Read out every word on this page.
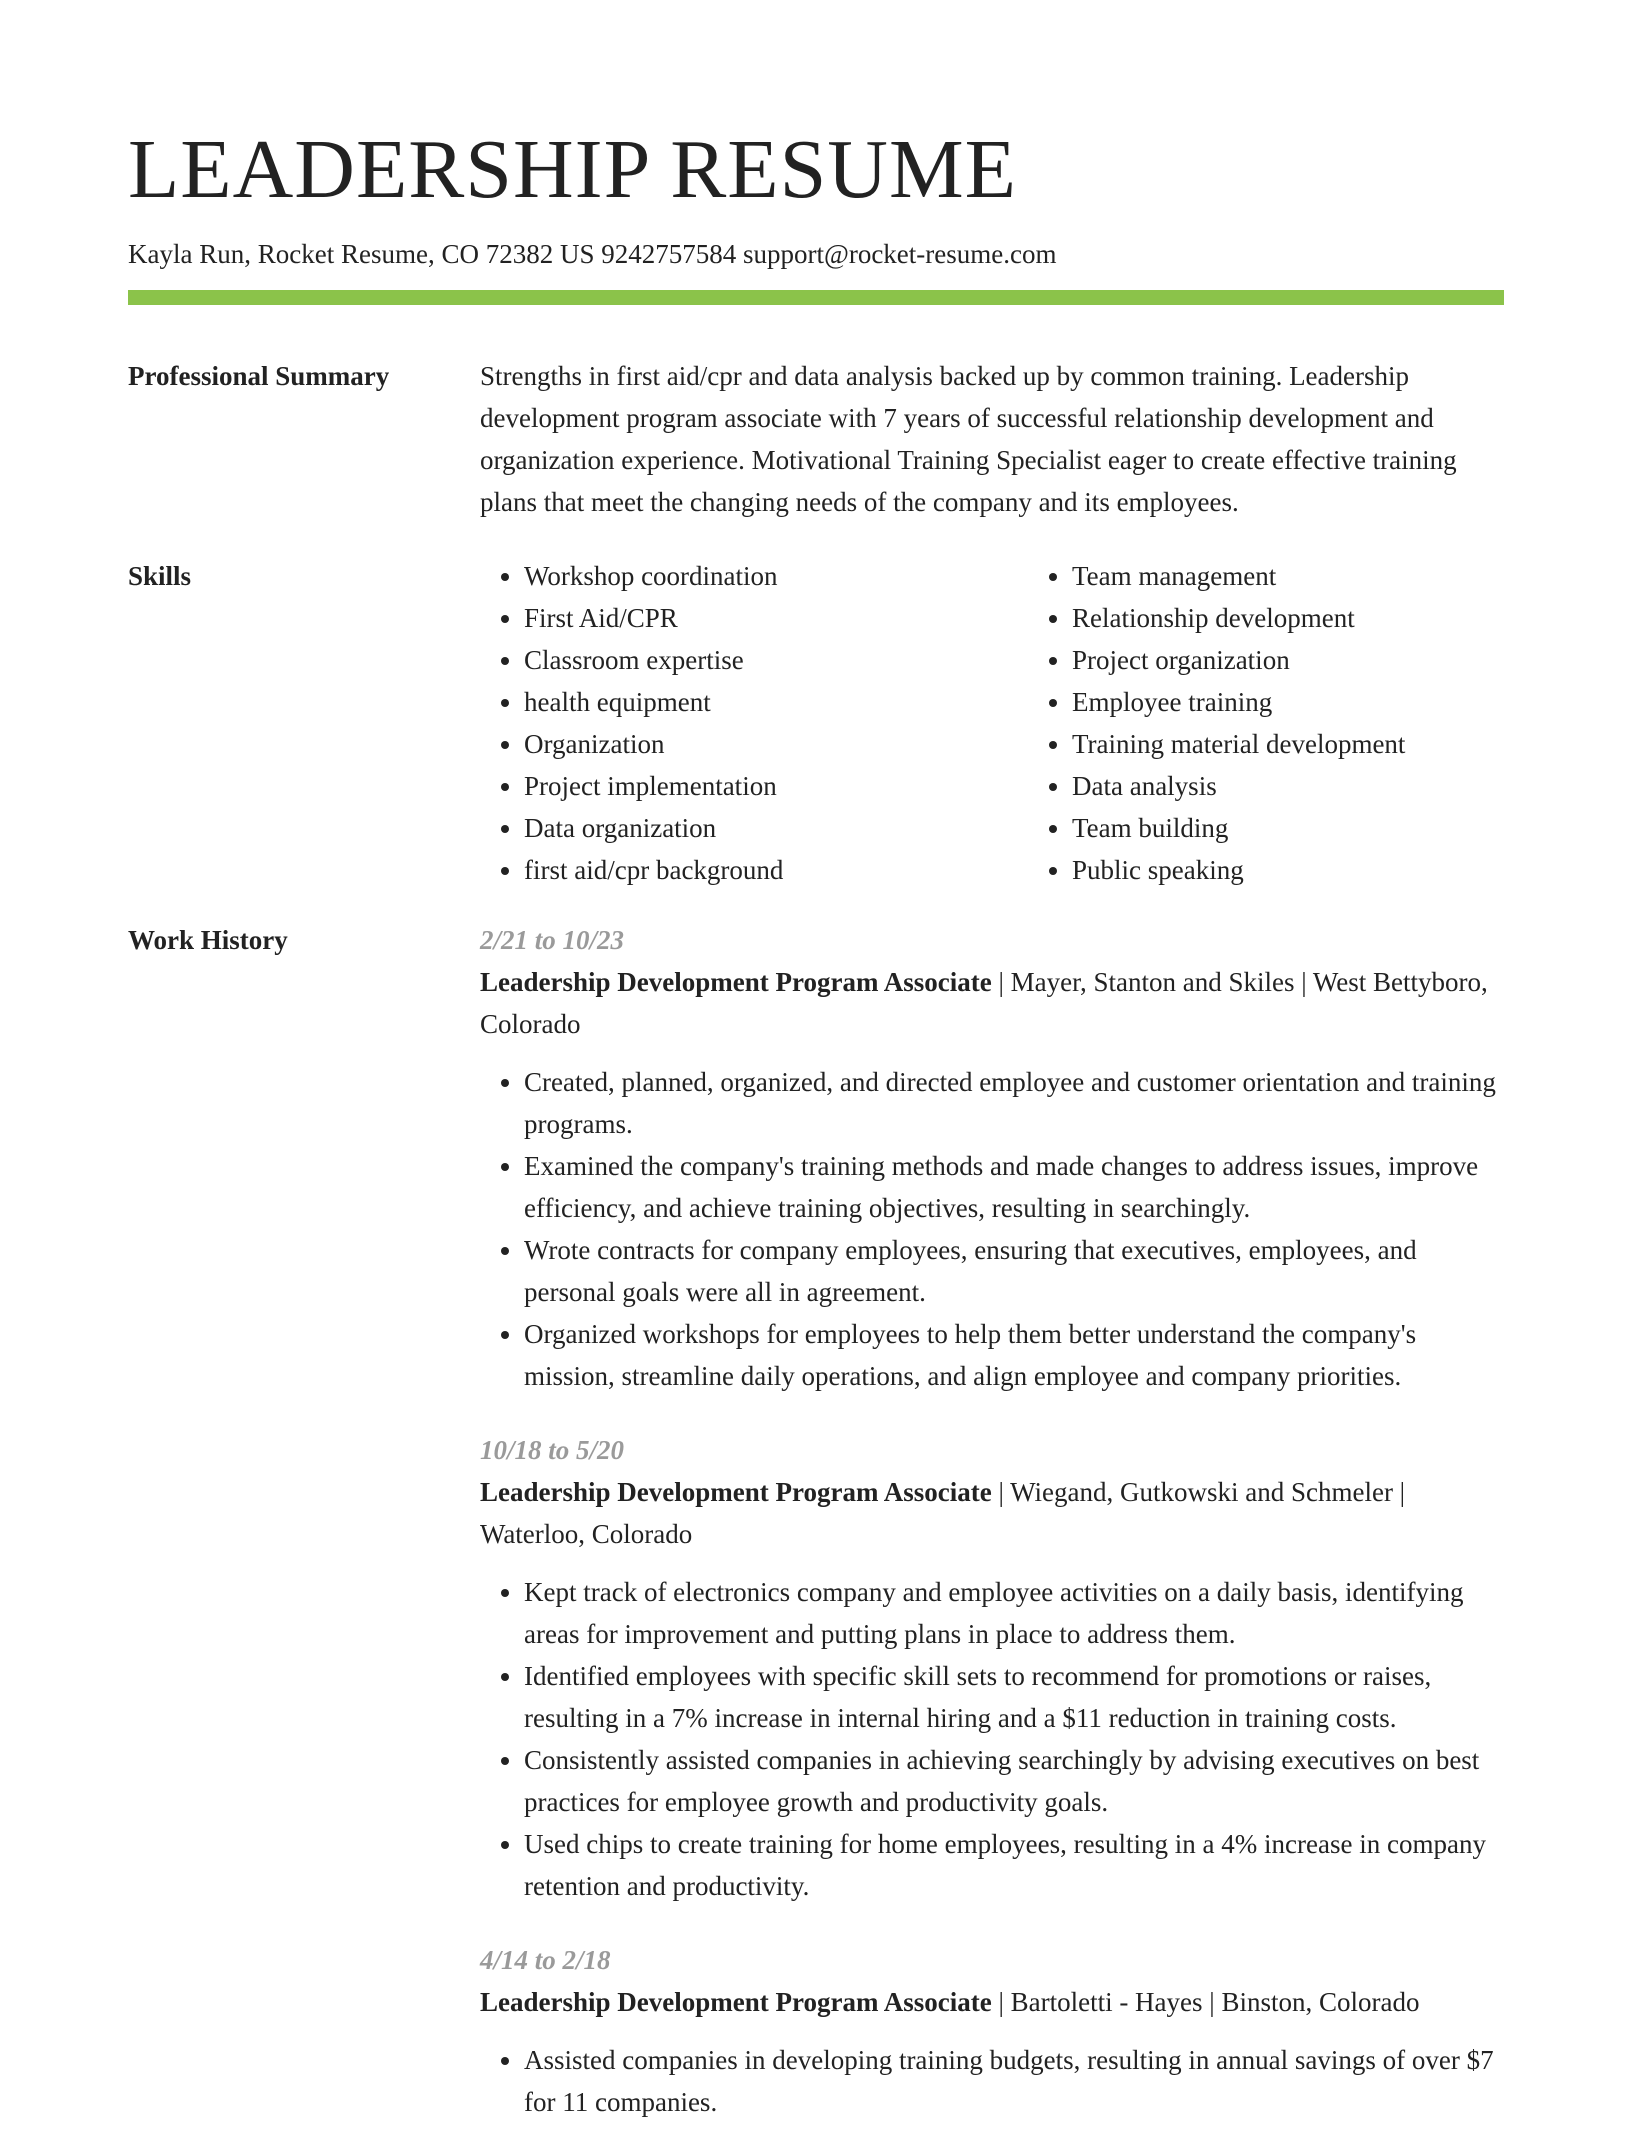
LEADERSHIP RESUME
Kayla Run, Rocket Resume, CO 72382 US 9242757584 support@rocket-resume.com
Professional Summary	Strengths in first aid/cpr and data analysis backed up by common training. Leadership development program associate with 7 years of successful relationship development and organization experience. Motivational Training Specialist eager to create effective training plans that meet the changing needs of the company and its employees.
Skills
•	Workshop coordination
• First Aid/CPR
• Classroom expertise
• health equipment
• Organization
• Project implementation
• Data organization
• first aid/cpr background
• Team management
• Relationship development
• Project organization
• Employee training
• Training material development
• Data analysis
• Team building
• Public speaking
Work History	2/21 to 10/23
Leadership Development Program Associate | Mayer, Stanton and Skiles | West Bettyboro, Colorado
• Created, planned, organized, and directed employee and customer orientation and training programs.
• Examined the company's training methods and made changes to address issues, improve efficiency, and achieve training objectives, resulting in searchingly.
• Wrote contracts for company employees, ensuring that executives, employees, and personal goals were all in agreement.
• Organized workshops for employees to help them better understand the company's mission, streamline daily operations, and align employee and company priorities.
10/18 to 5/20
Leadership Development Program Associate | Wiegand, Gutkowski and Schmeler | Waterloo, Colorado
• Kept track of electronics company and employee activities on a daily basis, identifying areas for improvement and putting plans in place to address them.
• Identified employees with specific skill sets to recommend for promotions or raises, resulting in a 7% increase in internal hiring and a $11 reduction in training costs.
• Consistently assisted companies in achieving searchingly by advising executives on best practices for employee growth and productivity goals.
• Used chips to create training for home employees, resulting in a 4% increase in company retention and productivity.
4/14 to 2/18
Leadership Development Program Associate | Bartoletti - Hayes | Binston, Colorado
• Assisted companies in developing training budgets, resulting in annual savings of over $7 for 11 companies.
